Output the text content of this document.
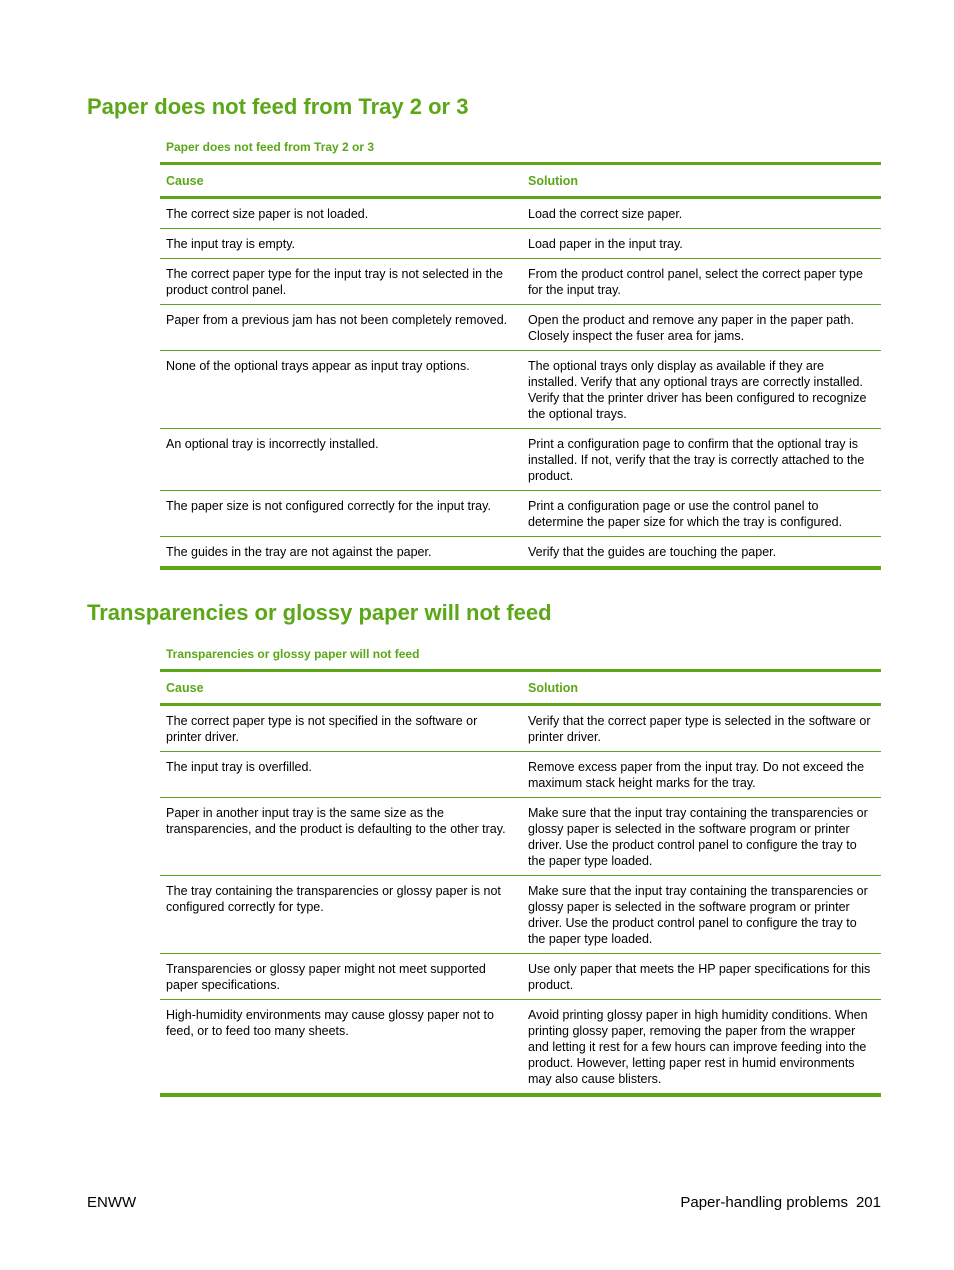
Paper does not feed from Tray 2 or 3

Paper does not feed from Tray 2 or 3

Cause	Solution
The correct size paper is not loaded.	Load the correct size paper.
The input tray is empty.	Load paper in the input tray.
The correct paper type for the input tray is not selected in the product control panel.	From the product control panel, select the correct paper type for the input tray.
Paper from a previous jam has not been completely removed.	Open the product and remove any paper in the paper path. Closely inspect the fuser area for jams.
None of the optional trays appear as input tray options.	The optional trays only display as available if they are installed. Verify that any optional trays are correctly installed. Verify that the printer driver has been configured to recognize the optional trays.
An optional tray is incorrectly installed.	Print a configuration page to confirm that the optional tray is installed. If not, verify that the tray is correctly attached to the product.
The paper size is not configured correctly for the input tray.	Print a configuration page or use the control panel to determine the paper size for which the tray is configured.
The guides in the tray are not against the paper.	Verify that the guides are touching the paper.
Transparencies or glossy paper will not feed

Transparencies or glossy paper will not feed

Cause	Solution
The correct paper type is not specified in the software or printer driver.	Verify that the correct paper type is selected in the software or printer driver.
The input tray is overfilled.	Remove excess paper from the input tray. Do not exceed the maximum stack height marks for the tray.
Paper in another input tray is the same size as the transparencies, and the product is defaulting to the other tray.	Make sure that the input tray containing the transparencies or glossy paper is selected in the software program or printer driver. Use the product control panel to configure the tray to the paper type loaded.
The tray containing the transparencies or glossy paper is not configured correctly for type.	Make sure that the input tray containing the transparencies or glossy paper is selected in the software program or printer driver. Use the product control panel to configure the tray to the paper type loaded.
Transparencies or glossy paper might not meet supported paper specifications.	Use only paper that meets the HP paper specifications for this product.
High-humidity environments may cause glossy paper not to feed, or to feed too many sheets.	Avoid printing glossy paper in high humidity conditions. When printing glossy paper, removing the paper from the wrapper and letting it rest for a few hours can improve feeding into the product. However, letting paper rest in humid environments may also cause blisters.
ENWW	Paper-handling problems 201
